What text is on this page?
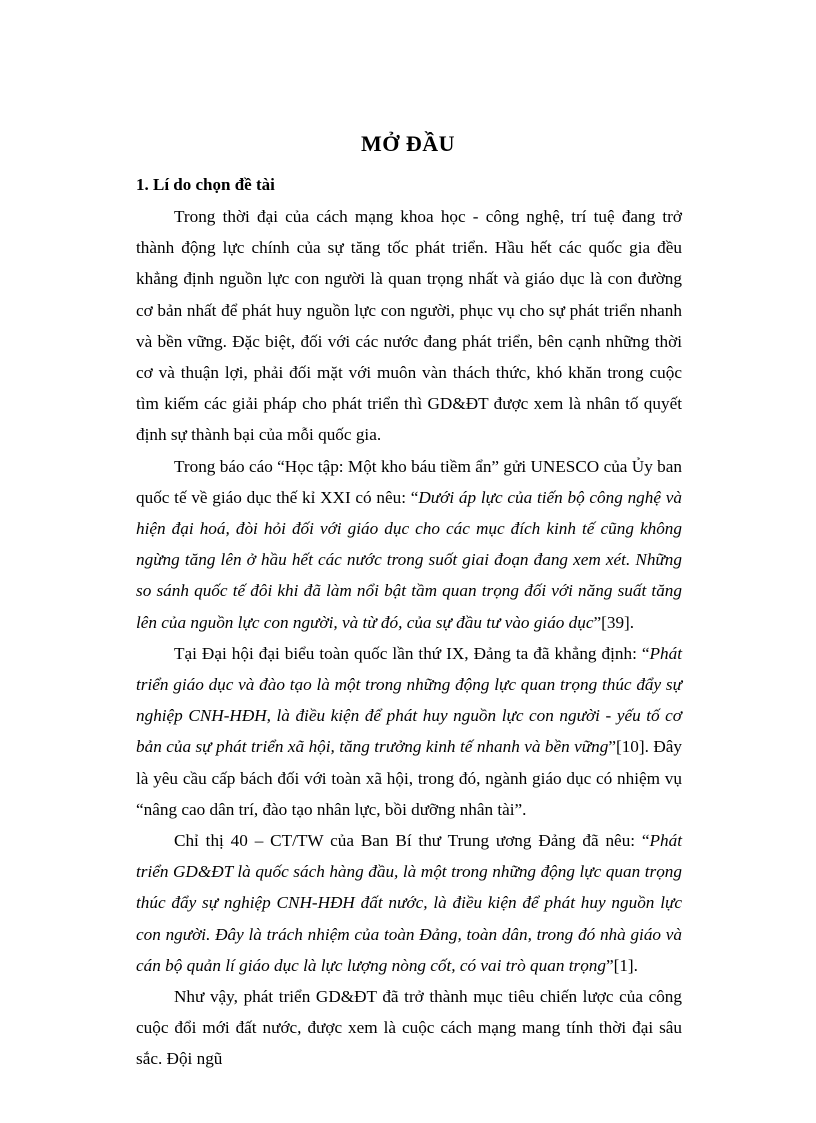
MỞ ĐẦU
1. Lí do chọn đề tài

Trong thời đại của cách mạng khoa học - công nghệ, trí tuệ đang trở thành động lực chính của sự tăng tốc phát triển. Hầu hết các quốc gia đều khẳng định nguồn lực con người là quan trọng nhất và giáo dục là con đường cơ bản nhất để phát huy nguồn lực con người, phục vụ cho sự phát triển nhanh và bền vững. Đặc biệt, đối với các nước đang phát triển, bên cạnh những thời cơ và thuận lợi, phải đối mặt với muôn vàn thách thức, khó khăn trong cuộc tìm kiếm các giải pháp cho phát triển thì GD&ĐT được xem là nhân tố quyết định sự thành bại của mỗi quốc gia.

Trong báo cáo “Học tập: Một kho báu tiềm ẩn” gửi UNESCO của Ủy ban quốc tế về giáo dục thế kỉ XXI có nêu: “Dưới áp lực của tiến bộ công nghệ và hiện đại hoá, đòi hỏi đối với giáo dục cho các mục đích kinh tế cũng không ngừng tăng lên ở hầu hết các nước trong suốt giai đoạn đang xem xét. Những so sánh quốc tế đôi khi đã làm nổi bật tầm quan trọng đối với năng suất tăng lên của nguồn lực con người, và từ đó, của sự đầu tư vào giáo dục”[39].

Tại Đại hội đại biểu toàn quốc lần thứ IX, Đảng ta đã khẳng định: “Phát triển giáo dục và đào tạo là một trong những động lực quan trọng thúc đẩy sự nghiệp CNH-HĐH, là điều kiện để phát huy nguồn lực con người - yếu tố cơ bản của sự phát triển xã hội, tăng trưởng kinh tế nhanh và bền vững”[10]. Đây là yêu cầu cấp bách đối với toàn xã hội, trong đó, ngành giáo dục có nhiệm vụ “nâng cao dân trí, đào tạo nhân lực, bồi dưỡng nhân tài”.

Chỉ thị 40 – CT/TW của Ban Bí thư Trung ương Đảng đã nêu: “Phát triển GD&ĐT là quốc sách hàng đầu, là một trong những động lực quan trọng thúc đẩy sự nghiệp CNH-HĐH đất nước, là điều kiện để phát huy nguồn lực con người. Đây là trách nhiệm của toàn Đảng, toàn dân, trong đó nhà giáo và cán bộ quản lí giáo dục là lực lượng nòng cốt, có vai trò quan trọng”[1].

Như vậy, phát triển GD&ĐT đã trở thành mục tiêu chiến lược của công cuộc đổi mới đất nước, được xem là cuộc cách mạng mang tính thời đại sâu sắc. Đội ngũ
